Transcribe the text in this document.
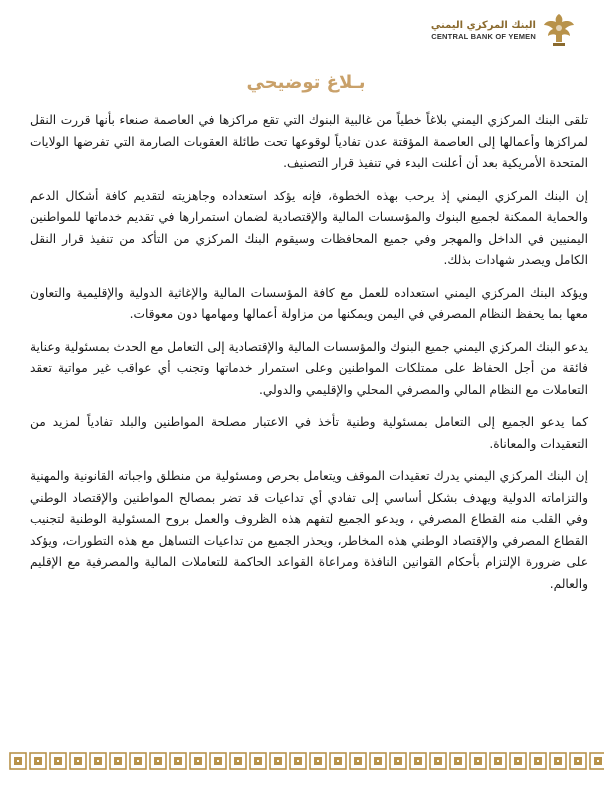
البنك المركزي اليمني
CENTRAL BANK OF YEMEN
بـلاغ توضيحي

تلقى البنك المركزي اليمني بلاغاً خطياً من غالبية البنوك التي تقع مراكزها في العاصمة صنعاء بأنها قررت النقل لمراكزها وأعمالها إلى العاصمة المؤقتة عدن تفادياً لوقوعها تحت طائلة العقوبات الصارمة التي تفرضها الولايات المتحدة الأمريكية بعد أن أعلنت البدء في تنفيذ قرار التصنيف.

إن البنك المركزي اليمني إذ يرحب بهذه الخطوة، فإنه يؤكد استعداده وجاهزيته لتقديم كافة أشكال الدعم والحماية الممكنة لجميع البنوك والمؤسسات المالية والإقتصادية لضمان استمرارها في تقديم خدماتها للمواطنين اليمنيين في الداخل والمهجر وفي جميع المحافظات وسيقوم البنك المركزي من التأكد من تنفيذ قرار النقل الكامل ويصدر شهادات بذلك.

ويؤكد البنك المركزي اليمني استعداده للعمل مع كافة المؤسسات المالية والإغاثية الدولية والإقليمية والتعاون معها بما يحفظ النظام المصرفي في اليمن ويمكنها من مزاولة أعمالها ومهامها دون معوقات.

يدعو البنك المركزي اليمني جميع البنوك والمؤسسات المالية والإقتصادية إلى التعامل مع الحدث بمسئولية وعناية فائقة من أجل الحفاظ على ممتلكات المواطنين وعلى استمرار خدماتها وتجنب أي عواقب غير مواتية تعقد التعاملات مع النظام المالي والمصرفي المحلي والإقليمي والدولي.

كما يدعو الجميع إلى التعامل بمسئولية وطنية تأخذ في الاعتبار مصلحة المواطنين والبلد تفادياً لمزيد من التعقيدات والمعاناة.

إن البنك المركزي اليمني يدرك تعقيدات الموقف ويتعامل بحرص ومسئولية من منطلق واجباته القانونية والمهنية والتزاماته الدولية ويهدف بشكل أساسي إلى تفادي أي تداعيات قد تضر بمصالح المواطنين والإقتصاد الوطني وفي القلب منه القطاع المصرفي ، ويدعو الجميع لتفهم هذه الظروف والعمل بروح المسئولية الوطنية لتجنيب القطاع المصرفي والإقتصاد الوطني هذه المخاطر، ويحذر الجميع من تداعيات التساهل مع هذه التطورات، ويؤكد على ضرورة الإلتزام بأحكام القوانين النافذة ومراعاة القواعد الحاكمة للتعاملات المالية والمصرفية مع الإقليم والعالم.
